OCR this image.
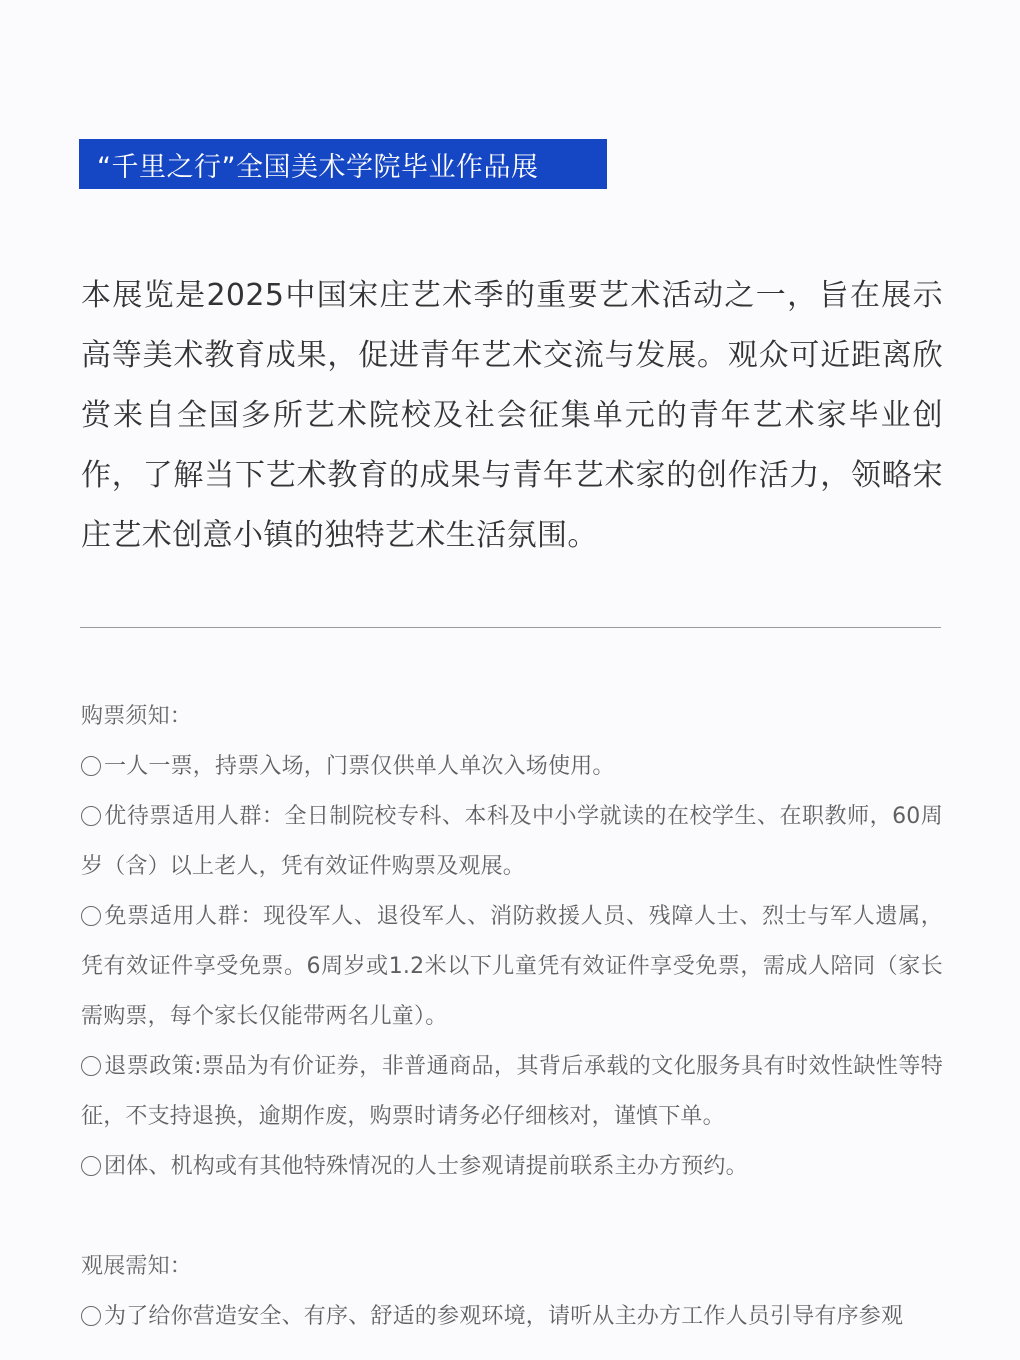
“千里之行”全国美术学院毕业作品展

本展览是2025中国宋庄艺术季的重要艺术活动之一，旨在展示高等美术教育成果，促进青年艺术交流与发展。观众可近距离欣赏来自全国多所艺术院校及社会征集单元的青年艺术家毕业创作，了解当下艺术教育的成果与青年艺术家的创作活力，领略宋庄艺术创意小镇的独特艺术生活氛围。

购票须知：

一人一票，持票入场，门票仅供单人单次入场使用。

优待票适用人群：全日制院校专科、本科及中小学就读的在校学生、在职教师，60周岁（含）以上老人，凭有效证件购票及观展。

免票适用人群：现役军人、退役军人、消防救援人员、残障人士、烈士与军人遗属，凭有效证件享受免票。6周岁或1.2米以下儿童凭有效证件享受免票，需成人陪同（家长需购票，每个家长仅能带两名儿童）。

退票政策:票品为有价证券，非普通商品，其背后承载的文化服务具有时效性缺性等特征，不支持退换，逾期作废，购票时请务必仔细核对，谨慎下单。

团体、机构或有其他特殊情况的人士参观请提前联系主办方预约。

观展需知：

为了给你营造安全、有序、舒适的参观环境，请听从主办方工作人员引导有序参观
